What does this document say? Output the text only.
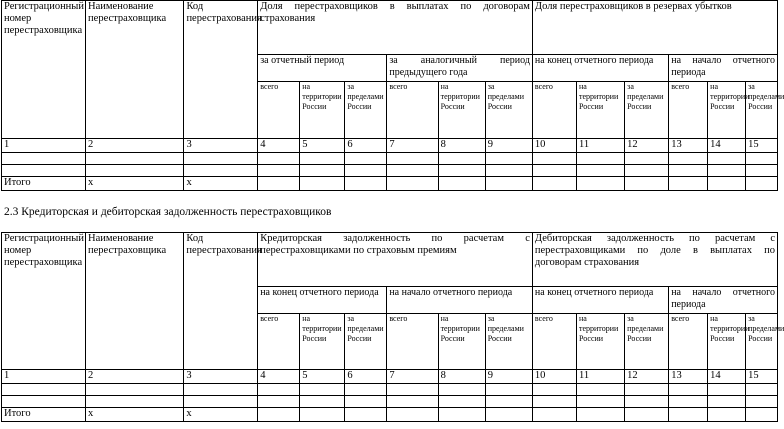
Регистрационный номер перестраховщика	Наименование перестраховщика	Код перестрахования	Доля перестраховщиков в выплатах по договорам страхования						Доля перестраховщиков в резервах убытков					
			за отчетный период			за аналогичный период предыдущего года			на конец отчетного периода			на начало отчетного периода		
			всего	на территории России	за пределами России	всего	на территории России	за пределами России	всего	на территории России	за пределами России	всего	на территории России	за пределами России
1	2	3	4	5	6	7	8	9	10	11	12	13	14	15

Итого	х	х												
2.3 Кредиторская и дебиторская задолженность перестраховщиков
Регистрационный номер перестраховщика	Наименование перестраховщика	Код перестрахования	Кредиторская задолженность по расчетам с перестраховщиками по страховым премиям						Дебиторская задолженность по расчетам с перестраховщиками по доле в выплатах по договорам страхования					
			на конец отчетного периода			на начало отчетного периода			на конец отчетного периода			на начало отчетного периода		
			всего	на территории России	за пределами России	всего	на территории России	за пределами России	всего	на территории России	за пределами России	всего	на территории России	за пределами России
1	2	3	4	5	6	7	8	9	10	11	12	13	14	15

Итого	х	х												
